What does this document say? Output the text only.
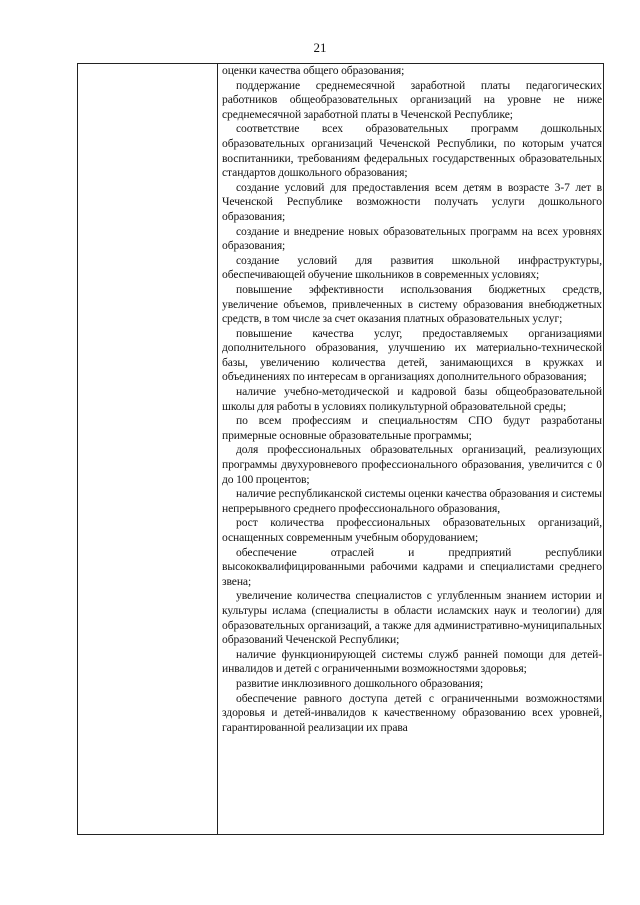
21

оценки качества общего образования;

поддержание среднемесячной заработной платы педагогических работников общеобразовательных организаций на уровне не ниже среднемесячной заработной платы в Чеченской Республике;

соответствие всех образовательных программ дошкольных образовательных организаций Чеченской Республики, по которым учатся воспитанники, требованиям федеральных государственных образовательных стандартов дошкольного образования;

создание условий для предоставления всем детям в возрасте 3-7 лет в Чеченской Республике возможности получать услуги дошкольного образования;

создание и внедрение новых образовательных программ на всех уровнях образования;

создание условий для развития школьной инфраструктуры, обеспечивающей обучение школьников в современных условиях;

повышение эффективности использования бюджетных средств, увеличение объемов, привлеченных в систему образования внебюджетных средств, в том числе за счет оказания платных образовательных услуг;

повышение качества услуг, предоставляемых организациями дополнительного образования, улучшению их материально-технической базы, увеличению количества детей, занимающихся в кружках и объединениях по интересам в организациях дополнительного образования;

наличие учебно-методической и кадровой базы общеобразовательной школы для работы в условиях поликультурной образовательной среды;

по всем профессиям и специальностям СПО будут разработаны примерные основные образовательные программы;

доля профессиональных образовательных организаций, реализующих программы двухуровневого профессионального образования, увеличится с 0 до 100 процентов;

наличие республиканской системы оценки качества образования и системы непрерывного среднего профессионального образования,

рост количества профессиональных образовательных организаций, оснащенных современным учебным оборудованием;

обеспечение отраслей и предприятий республики высококвалифицированными рабочими кадрами и специалистами среднего звена;

увеличение количества специалистов с углубленным знанием истории и культуры ислама (специалисты в области исламских наук и теологии) для образовательных организаций, а также для административно-муниципальных образований Чеченской Республики;

наличие функционирующей системы служб ранней помощи для детей-инвалидов и детей с ограниченными возможностями здоровья;

развитие инклюзивного дошкольного образования;

обеспечение равного доступа детей с ограниченными возможностями здоровья и детей-инвалидов к качественному образованию всех уровней, гарантированной реализации их права
